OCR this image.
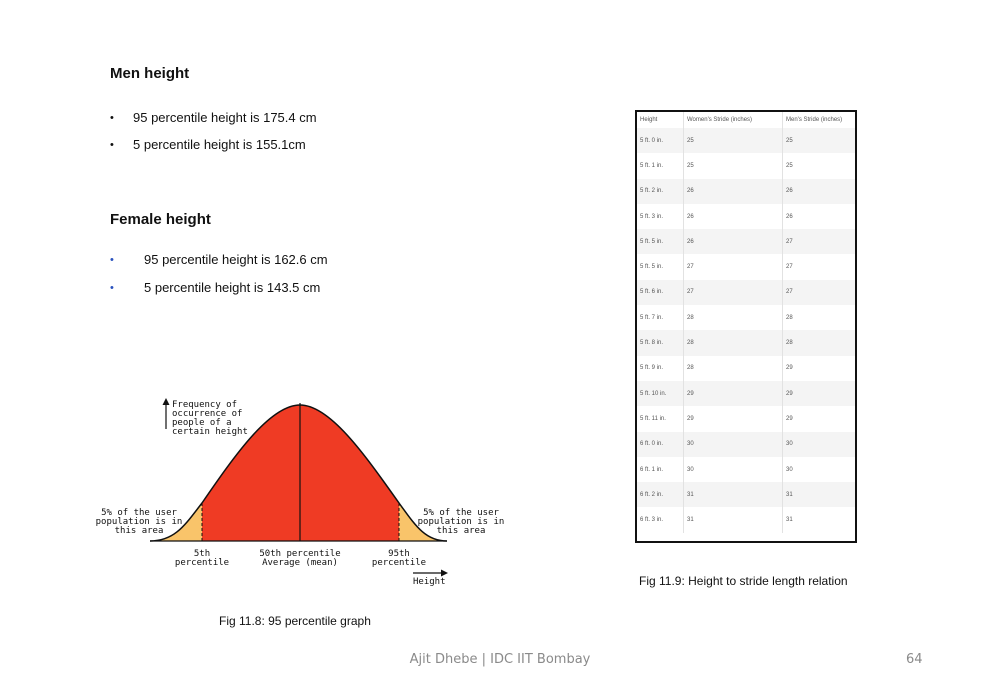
Men height
•	95 percentile height is 175.4 cm
•	5 percentile height is 155.1cm
Female height
•	95 percentile height is 162.6 cm
•	5 percentile height is 143.5 cm
Frequency of
occurrence of
people of a
certain height
5% of the user
population is in
this area
5% of the user
population is in
this area
5th
percentile
50th percentile
Average (mean)
95th
percentile
Height
Fig 11.8: 95 percentile graph
Height	Women's Stride (inches)	Men's Stride (inches)
5 ft. 0 in.	25	25
5 ft. 1 in.	25	25
5 ft. 2 in.	26	26
5 ft. 3 in.	26	26
5 ft. 5 in.	26	27
5 ft. 5 in.	27	27
5 ft. 6 in.	27	27
5 ft. 7 in.	28	28
5 ft. 8 in.	28	28
5 ft. 9 in.	28	29
5 ft. 10 in.	29	29
5 ft. 11 in.	29	29
6 ft. 0 in.	30	30
6 ft. 1 in.	30	30
6 ft. 2 in.	31	31
6 ft. 3 in.	31	31
Fig 11.9: Height to stride length relation
Ajit Dhebe | IDC IIT Bombay	64
